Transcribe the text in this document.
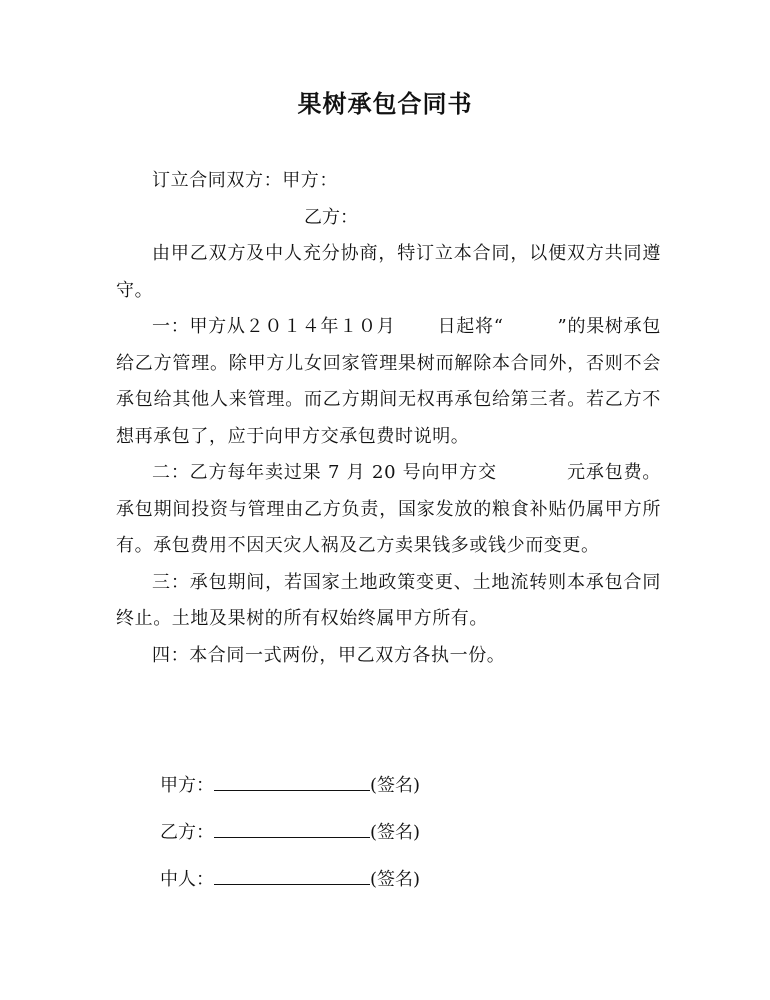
果树承包合同书

订立合同双方：甲方：

乙方：

由甲乙双方及中人充分协商，特订立本合同，以便双方共同遵守。

一：甲方从２０１４年１０月 日起将“	”的果树承包给乙方管理。除甲方儿女回家管理果树而解除本合同外，否则不会承包给其他人来管理。而乙方期间无权再承包给第三者。若乙方不想再承包了，应于向甲方交承包费时说明。

二：乙方每年卖过果 7 月 20 号向甲方交	元承包费。承包期间投资与管理由乙方负责，国家发放的粮食补贴仍属甲方所有。承包费用不因天灾人祸及乙方卖果钱多或钱少而变更。

三：承包期间，若国家土地政策变更、土地流转则本承包合同终止。土地及果树的所有权始终属甲方所有。

四：本合同一式两份，甲乙双方各执一份。

甲方：	(签名)
乙方：	(签名)
中人：	(签名)
